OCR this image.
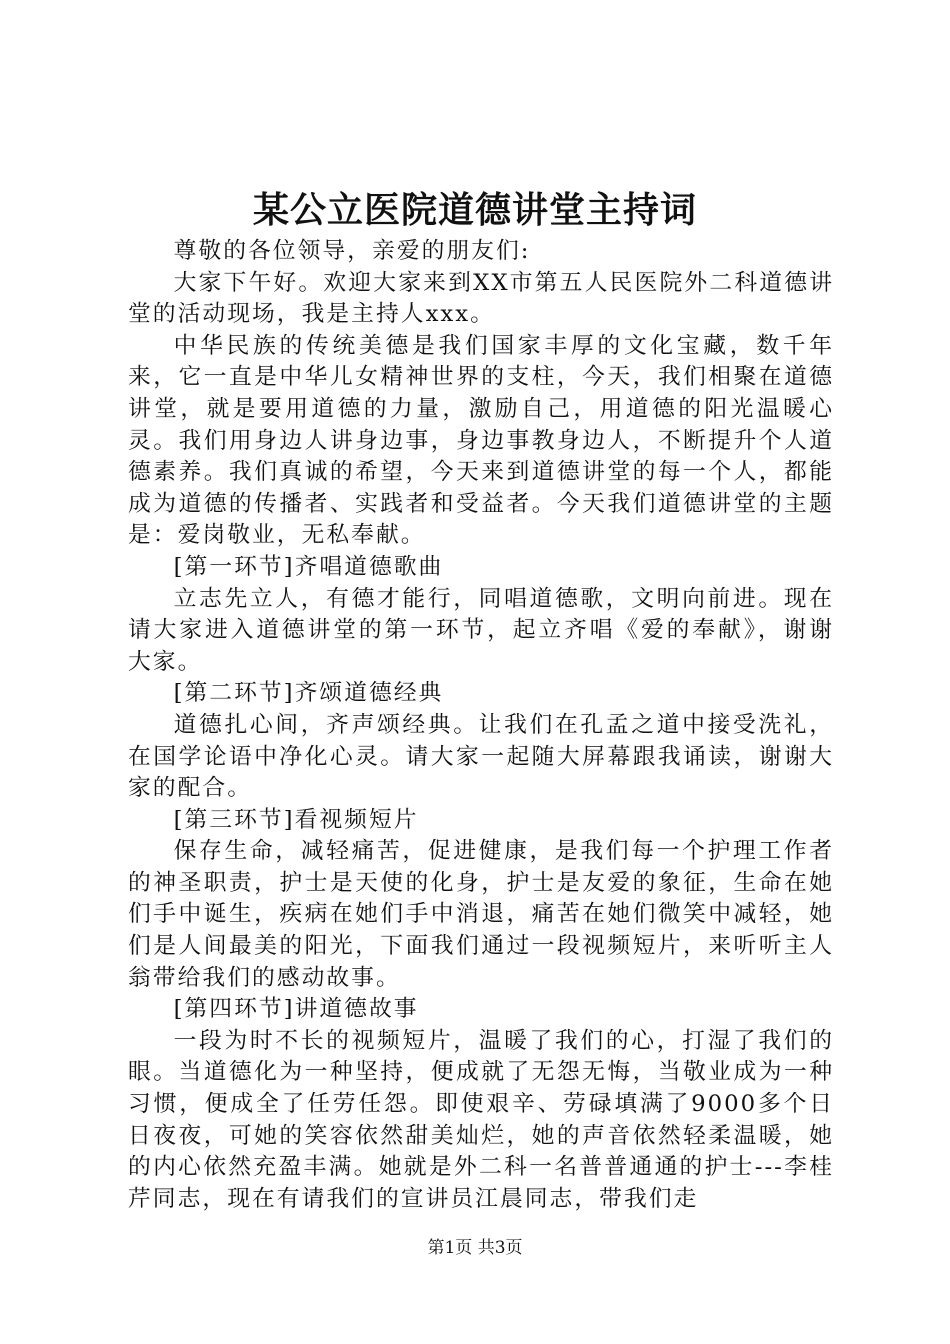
某公立医院道德讲堂主持词

尊敬的各位领导，亲爱的朋友们:

大家下午好。欢迎大家来到XX市第五人民医院外二科道德讲堂的活动现场，我是主持人xxx。

中华民族的传统美德是我们国家丰厚的文化宝藏，数千年来，它一直是中华儿女精神世界的支柱，今天，我们相聚在道德讲堂，就是要用道德的力量，激励自己，用道德的阳光温暖心灵。我们用身边人讲身边事，身边事教身边人，不断提升个人道德素养。我们真诚的希望，今天来到道德讲堂的每一个人，都能成为道德的传播者、实践者和受益者。今天我们道德讲堂的主题是：爱岗敬业，无私奉献。

[第一环节]齐唱道德歌曲

立志先立人，有德才能行，同唱道德歌，文明向前进。现在请大家进入道德讲堂的第一环节，起立齐唱《爱的奉献》，谢谢大家。

[第二环节]齐颂道德经典

道德扎心间，齐声颂经典。让我们在孔孟之道中接受洗礼，在国学论语中净化心灵。请大家一起随大屏幕跟我诵读，谢谢大家的配合。

[第三环节]看视频短片

保存生命，减轻痛苦，促进健康，是我们每一个护理工作者的神圣职责，护士是天使的化身，护士是友爱的象征，生命在她们手中诞生，疾病在她们手中消退，痛苦在她们微笑中减轻，她们是人间最美的阳光，下面我们通过一段视频短片，来听听主人翁带给我们的感动故事。

[第四环节]讲道德故事

一段为时不长的视频短片，温暖了我们的心，打湿了我们的眼。当道德化为一种坚持，便成就了无怨无悔，当敬业成为一种习惯，便成全了任劳任怨。即使艰辛、劳碌填满了9000多个日日夜夜，可她的笑容依然甜美灿烂，她的声音依然轻柔温暖，她的内心依然充盈丰满。她就是外二科一名普普通通的护士---李桂芹同志，现在有请我们的宣讲员江晨同志，带我们走

第1页 共3页
